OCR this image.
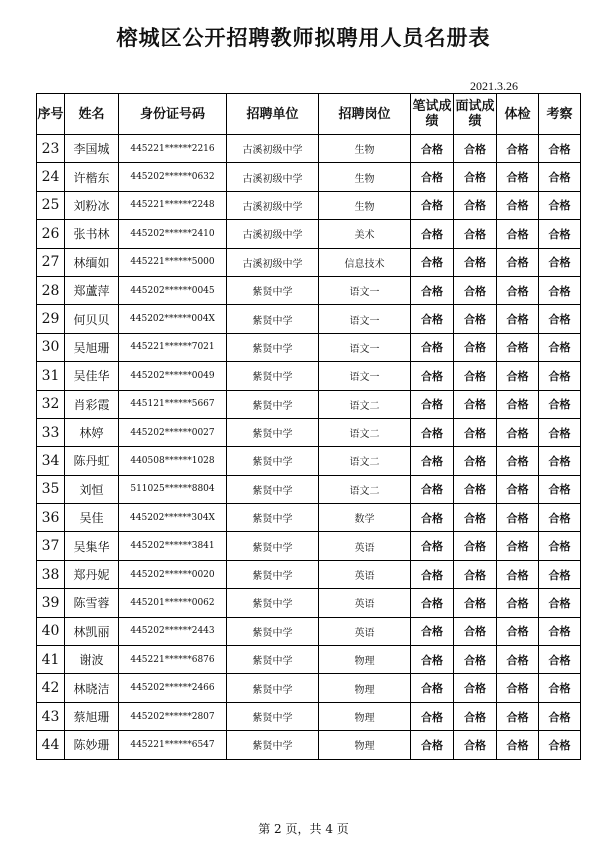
榕城区公开招聘教师拟聘用人员名册表
2021.3.26
序号	姓名	身份证号码	招聘单位	招聘岗位	笔试成绩	面试成绩	体检	考察
23	李国城	445221******2216	古溪初级中学	生物	合格	合格	合格	合格
24	许楷东	445202******0632	古溪初级中学	生物	合格	合格	合格	合格
25	刘粉冰	445221******2248	古溪初级中学	生物	合格	合格	合格	合格
26	张书林	445202******2410	古溪初级中学	美术	合格	合格	合格	合格
27	林缅如	445221******5000	古溪初级中学	信息技术	合格	合格	合格	合格
28	郑蘆萍	445202******0045	紫贤中学	语文一	合格	合格	合格	合格
29	何贝贝	445202******004X	紫贤中学	语文一	合格	合格	合格	合格
30	吴旭珊	445221******7021	紫贤中学	语文一	合格	合格	合格	合格
31	吴佳华	445202******0049	紫贤中学	语文一	合格	合格	合格	合格
32	肖彩霞	445121******5667	紫贤中学	语文二	合格	合格	合格	合格
33	林婷	445202******0027	紫贤中学	语文二	合格	合格	合格	合格
34	陈丹虹	440508******1028	紫贤中学	语文二	合格	合格	合格	合格
35	刘恒	511025******8804	紫贤中学	语文二	合格	合格	合格	合格
36	吴佳	445202******304X	紫贤中学	数学	合格	合格	合格	合格
37	吴集华	445202******3841	紫贤中学	英语	合格	合格	合格	合格
38	郑丹妮	445202******0020	紫贤中学	英语	合格	合格	合格	合格
39	陈雪蓉	445201******0062	紫贤中学	英语	合格	合格	合格	合格
40	林凯丽	445202******2443	紫贤中学	英语	合格	合格	合格	合格
41	谢波	445221******6876	紫贤中学	物理	合格	合格	合格	合格
42	林晓洁	445202******2466	紫贤中学	物理	合格	合格	合格	合格
43	蔡旭珊	445202******2807	紫贤中学	物理	合格	合格	合格	合格
44	陈妙珊	445221******6547	紫贤中学	物理	合格	合格	合格	合格
第 2 页，共 4 页
